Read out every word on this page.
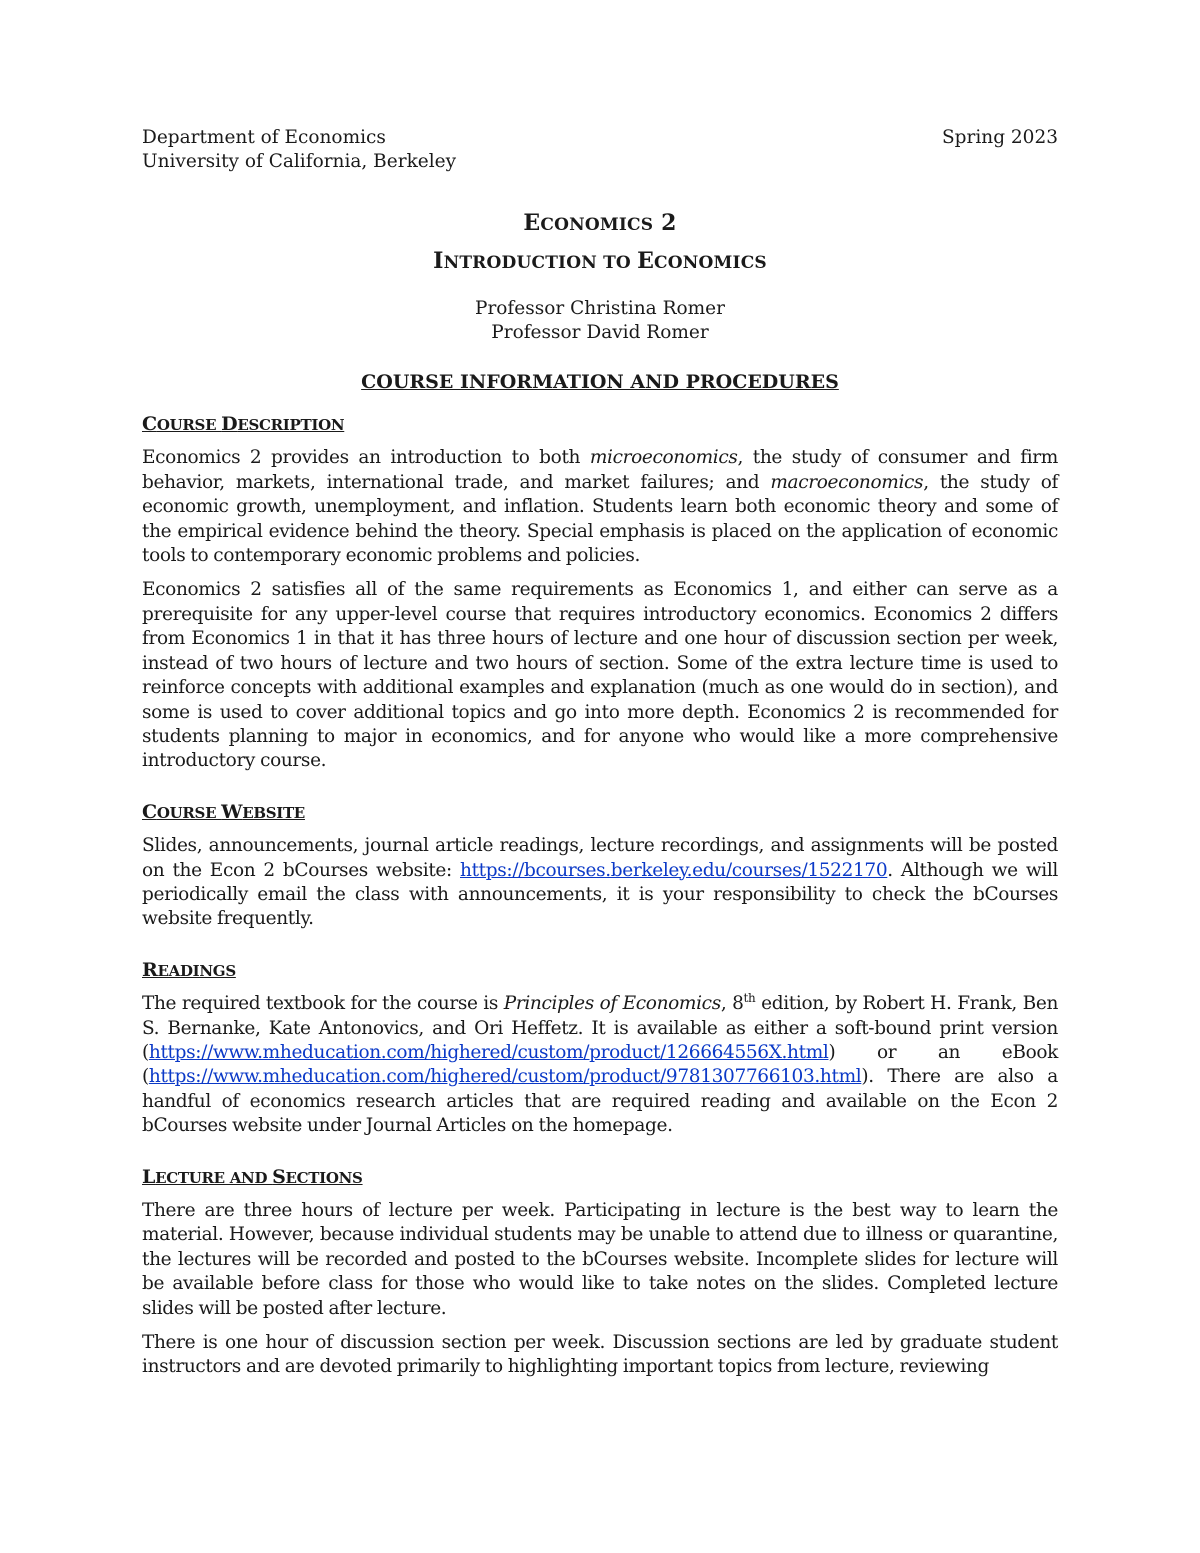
Department of Economics
University of California, Berkeley
Spring 2023
ECONOMICS 2
INTRODUCTION TO ECONOMICS
Professor Christina Romer
Professor David Romer
COURSE INFORMATION AND PROCEDURES
COURSE DESCRIPTION

Economics 2 provides an introduction to both microeconomics, the study of consumer and firm behavior, markets, international trade, and market failures; and macroeconomics, the study of economic growth, unemployment, and inflation. Students learn both economic theory and some of the empirical evidence behind the theory. Special emphasis is placed on the application of economic tools to contemporary economic problems and policies.

Economics 2 satisfies all of the same requirements as Economics 1, and either can serve as a prerequisite for any upper-level course that requires introductory economics. Economics 2 differs from Economics 1 in that it has three hours of lecture and one hour of discussion section per week, instead of two hours of lecture and two hours of section. Some of the extra lecture time is used to reinforce concepts with additional examples and explanation (much as one would do in section), and some is used to cover additional topics and go into more depth. Economics 2 is recommended for students planning to major in economics, and for anyone who would like a more comprehensive introductory course.

COURSE WEBSITE

Slides, announcements, journal article readings, lecture recordings, and assignments will be posted on the Econ 2 bCourses website: https://bcourses.berkeley.edu/courses/1522170. Although we will periodically email the class with announcements, it is your responsibility to check the bCourses website frequently.

READINGS

The required textbook for the course is Principles of Economics, 8th edition, by Robert H. Frank, Ben S. Bernanke, Kate Antonovics, and Ori Heffetz. It is available as either a soft-bound print version (https://www.mheducation.com/highered/custom/product/126664556X.html) or an eBook (https://www.mheducation.com/highered/custom/product/9781307766103.html). There are also a handful of economics research articles that are required reading and available on the Econ 2 bCourses website under Journal Articles on the homepage.

LECTURE AND SECTIONS

There are three hours of lecture per week. Participating in lecture is the best way to learn the material. However, because individual students may be unable to attend due to illness or quarantine, the lectures will be recorded and posted to the bCourses website. Incomplete slides for lecture will be available before class for those who would like to take notes on the slides. Completed lecture slides will be posted after lecture.

There is one hour of discussion section per week. Discussion sections are led by graduate student instructors and are devoted primarily to highlighting important topics from lecture, reviewing
